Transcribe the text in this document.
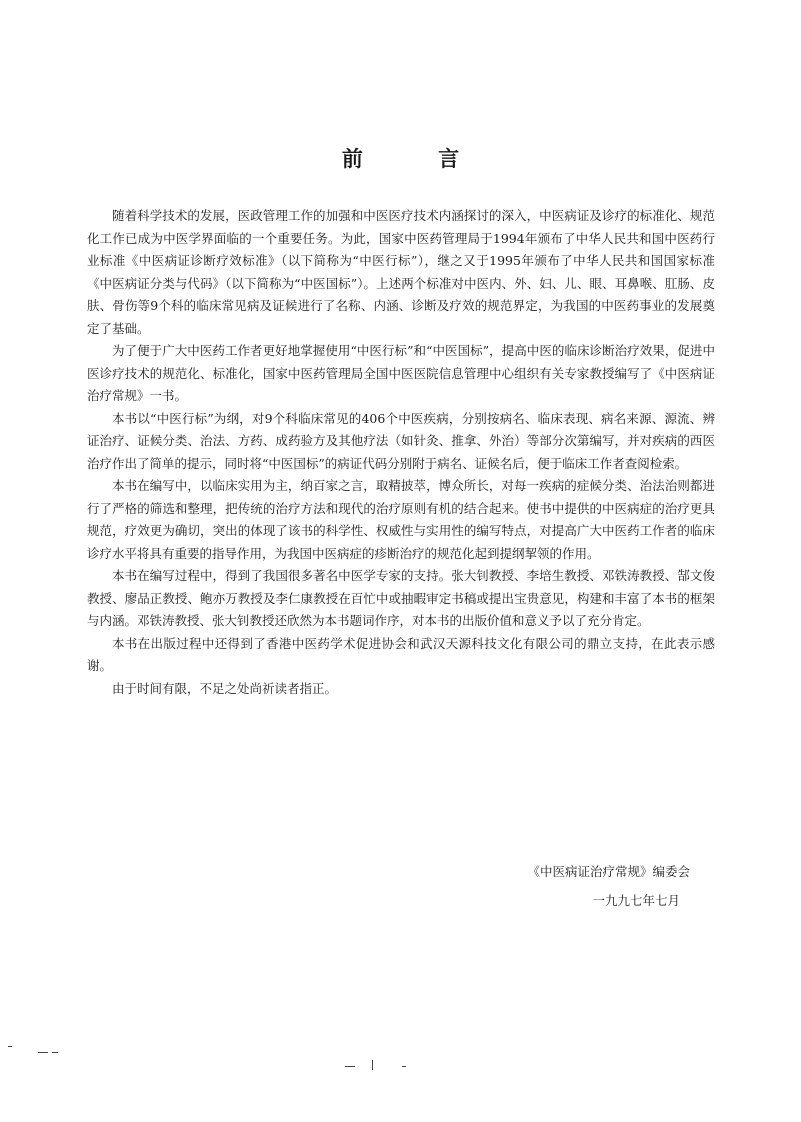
前 言

随着科学技术的发展，医政管理工作的加强和中医医疗技术内涵探讨的深入，中医病证及诊疗的标准化、规范化工作已成为中医学界面临的一个重要任务。为此，国家中医药管理局于1994年颁布了中华人民共和国中医药行业标准《中医病证诊断疗效标准》（以下简称为“中医行标”），继之又于1995年颁布了中华人民共和国国家标准《中医病证分类与代码》（以下简称为“中医国标”）。上述两个标准对中医内、外、妇、儿、眼、耳鼻喉、肛肠、皮肤、骨伤等9个科的临床常见病及证候进行了名称、内涵、诊断及疗效的规范界定，为我国的中医药事业的发展奠定了基础。

为了便于广大中医药工作者更好地掌握使用“中医行标”和“中医国标”，提高中医的临床诊断治疗效果，促进中医诊疗技术的规范化、标准化，国家中医药管理局全国中医医院信息管理中心组织有关专家教授编写了《中医病证治疗常规》一书。

本书以“中医行标”为纲，对9个科临床常见的406个中医疾病，分别按病名、临床表现、病名来源、源流、辨证治疗、证候分类、治法、方药、成药验方及其他疗法（如针灸、推拿、外治）等部分次第编写，并对疾病的西医治疗作出了简单的提示，同时将“中医国标”的病证代码分别附于病名、证候名后，便于临床工作者查阅检索。

本书在编写中，以临床实用为主，纳百家之言，取精披萃，博众所长，对每一疾病的症候分类、治法治则都进行了严格的筛选和整理，把传统的治疗方法和现代的治疗原则有机的结合起来。使书中提供的中医病症的治疗更具规范，疗效更为确切，突出的体现了该书的科学性、权威性与实用性的编写特点，对提高广大中医药工作者的临床诊疗水平将具有重要的指导作用，为我国中医病症的疹断治疗的规范化起到提纲挈领的作用。

本书在编写过程中，得到了我国很多著名中医学专家的支持。张大钊教授、李培生教授、邓铁涛教授、郜文俊教授、廖品正教授、鲍亦万教授及李仁康教授在百忙中或抽暇审定书稿或提出宝贵意见，构建和丰富了本书的框架与内涵。邓铁涛教授、张大钊教授还欣然为本书题词作序，对本书的出版价值和意义予以了充分肯定。

本书在出版过程中还得到了香港中医药学术促进协会和武汉天源科技文化有限公司的鼎立支持，在此表示感谢。

由于时间有限，不足之处尚祈读者指正。

《中医病证治疗常规》编委会
一九九七年七月
